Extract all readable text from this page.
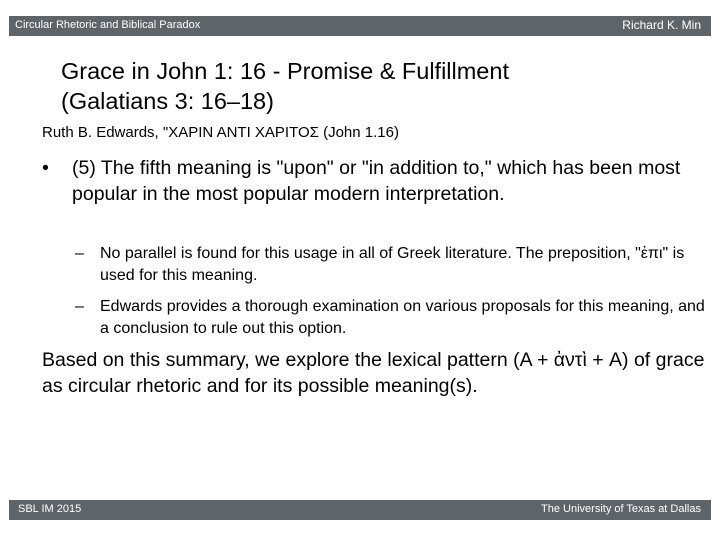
Circular Rhetoric and Biblical Paradox	Richard K. Min
Grace in John 1: 16 - Promise & Fulfillment
(Galatians 3: 16–18)
Ruth B. Edwards, "ΧΑΡΙΝ ΑΝΤΙ ΧΑΡΙΤΟΣ (John 1.16)
• (5) The fifth meaning is "upon" or "in addition to," which has been most popular in the most popular modern interpretation.
– No parallel is found for this usage in all of Greek literature. The preposition, "ἐπι" is used for this meaning.
– Edwards provides a thorough examination on various proposals for this meaning, and a conclusion to rule out this option.
Based on this summary, we explore the lexical pattern (A + ἀντὶ + A) of grace as circular rhetoric and for its possible meaning(s).
SBL IM 2015	The University of Texas at Dallas
